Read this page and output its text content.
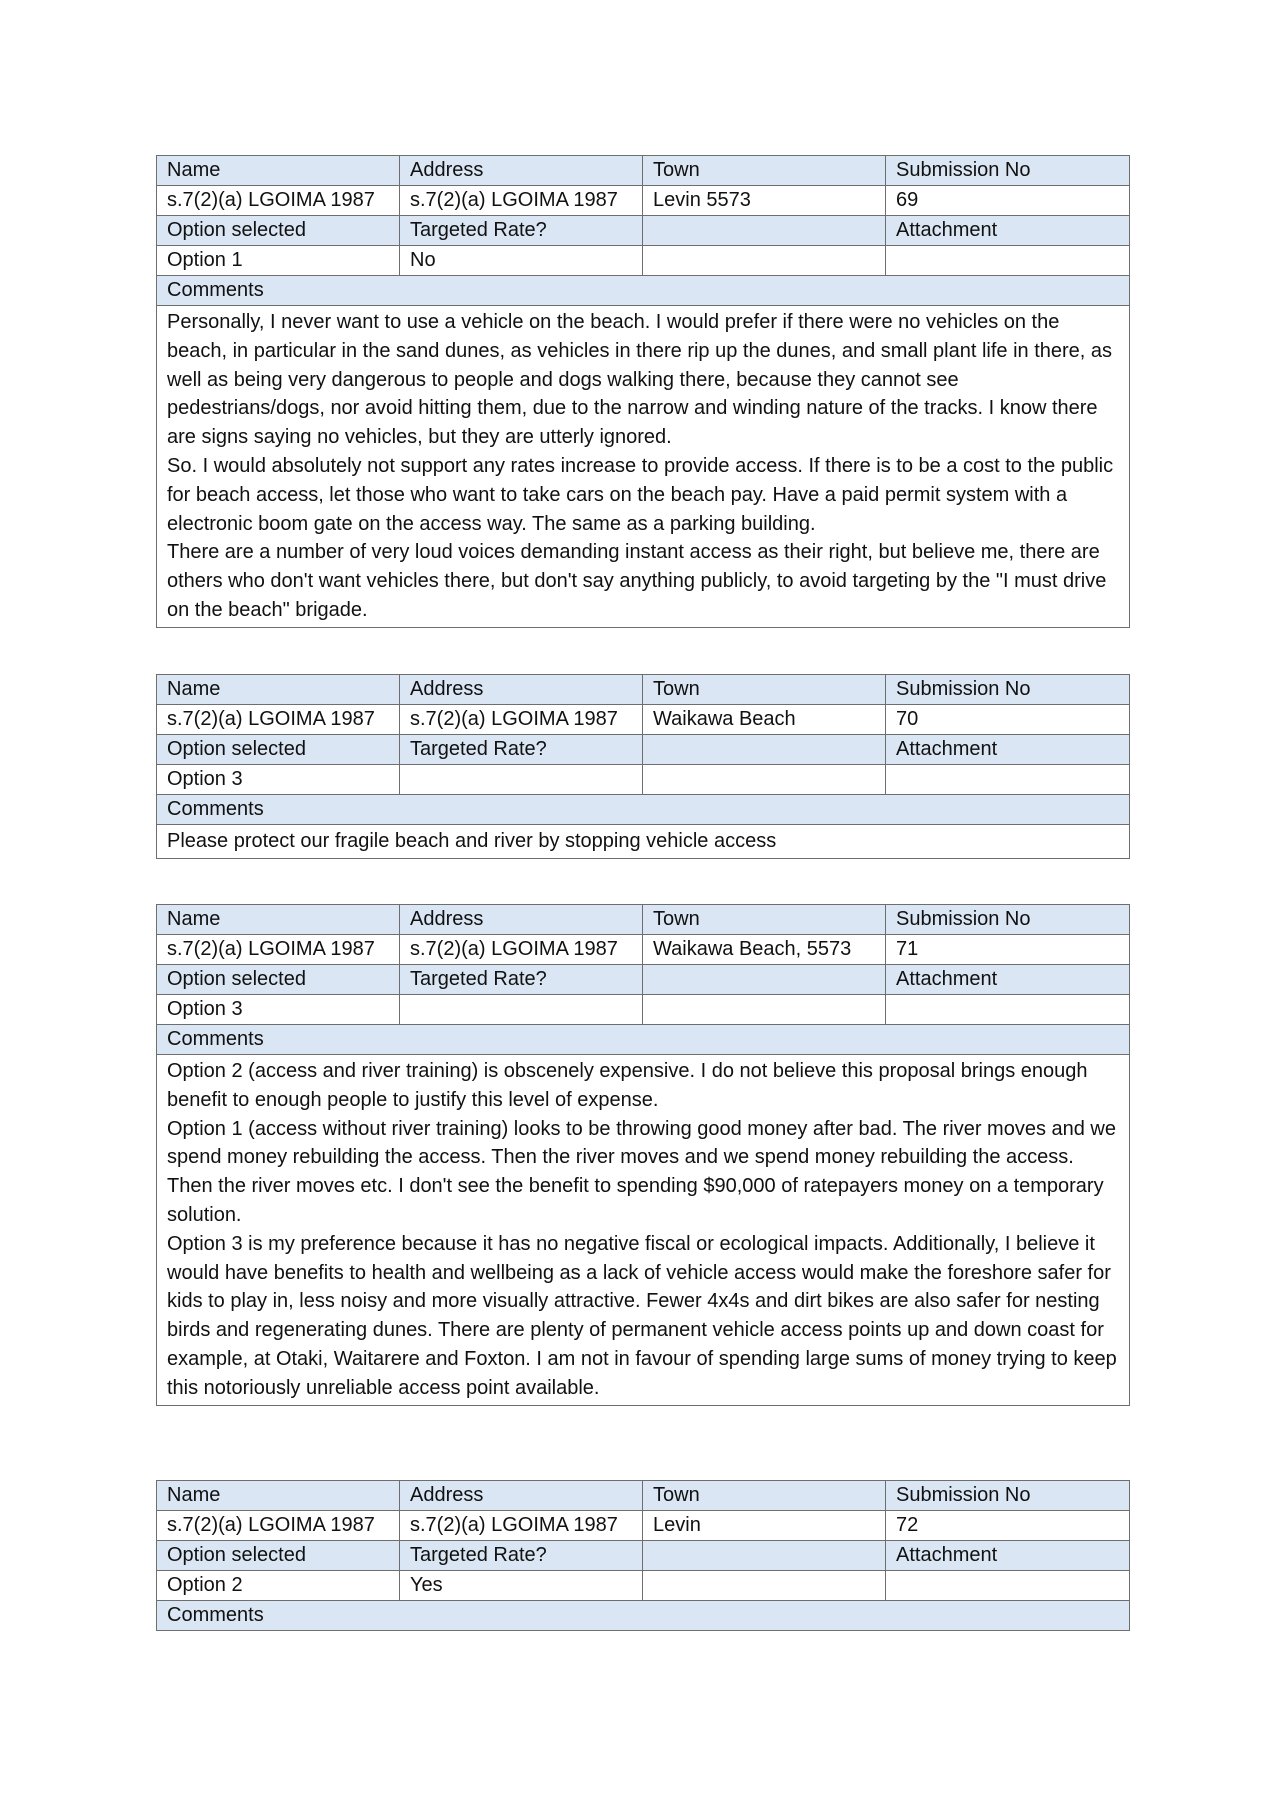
Name	Address	Town	Submission No
s.7(2)(a) LGOIMA 1987	s.7(2)(a) LGOIMA 1987	Levin 5573	69
Option selected	Targeted Rate?		Attachment
Option 1	No		
Comments			

Personally, I never want to use a vehicle on the beach. I would prefer if there were no vehicles on the beach, in particular in the sand dunes, as vehicles in there rip up the dunes, and small plant life in there, as well as being very dangerous to people and dogs walking there, because they cannot see pedestrians/dogs, nor avoid hitting them, due to the narrow and winding nature of the tracks. I know there are signs saying no vehicles, but they are utterly ignored.

So. I would absolutely not support any rates increase to provide access. If there is to be a cost to the public for beach access, let those who want to take cars on the beach pay. Have a paid permit system with a electronic boom gate on the access way. The same as a parking building.

There are a number of very loud voices demanding instant access as their right, but believe me, there are others who don't want vehicles there, but don't say anything publicly, to avoid targeting by the "I must drive on the beach" brigade.			

Name	Address	Town	Submission No
s.7(2)(a) LGOIMA 1987	s.7(2)(a) LGOIMA 1987	Waikawa Beach	70
Option selected	Targeted Rate?		Attachment
Option 3			
Comments			

Please protect our fragile beach and river by stopping vehicle access			

Name	Address	Town	Submission No
s.7(2)(a) LGOIMA 1987	s.7(2)(a) LGOIMA 1987	Waikawa Beach, 5573	71
Option selected	Targeted Rate?		Attachment
Option 3			
Comments			

Option 2 (access and river training) is obscenely expensive. I do not believe this proposal brings enough benefit to enough people to justify this level of expense.

Option 1 (access without river training) looks to be throwing good money after bad. The river moves and we spend money rebuilding the access. Then the river moves and we spend money rebuilding the access. Then the river moves etc. I don't see the benefit to spending $90,000 of ratepayers money on a temporary solution.

Option 3 is my preference because it has no negative fiscal or ecological impacts. Additionally, I believe it would have benefits to health and wellbeing as a lack of vehicle access would make the foreshore safer for kids to play in, less noisy and more visually attractive. Fewer 4x4s and dirt bikes are also safer for nesting birds and regenerating dunes. There are plenty of permanent vehicle access points up and down coast for example, at Otaki, Waitarere and Foxton. I am not in favour of spending large sums of money trying to keep this notoriously unreliable access point available.			

Name	Address	Town	Submission No
s.7(2)(a) LGOIMA 1987	s.7(2)(a) LGOIMA 1987	Levin	72
Option selected	Targeted Rate?		Attachment
Option 2	Yes		
Comments			
